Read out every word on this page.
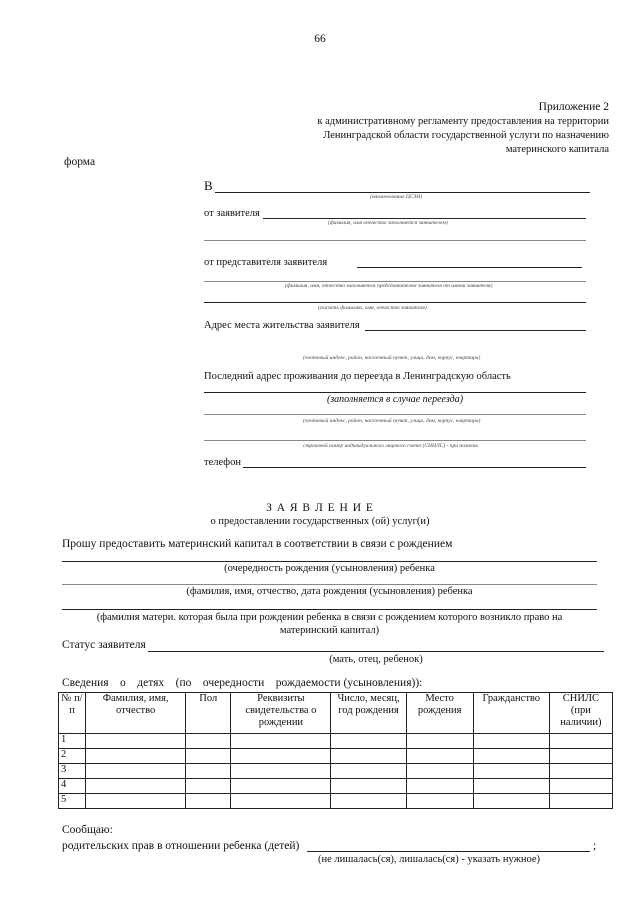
66
Приложение 2
к административному регламенту предоставления на территории
Ленинградской области государственной услуги по назначению
материнского капитала
форма
В
(наименование ЦСЗН)
от заявителя
(фамилия, имя отчество заполняется заявителем)
от представителя заявителя
(фамилия, имя, отчество заполняется представителем заявителя от имени заявителя)
(указать фамилию, имя, отчество заявителя)
Адрес места жительства заявителя
(почтовый индекс, район, населенный пункт, улица, дом, корпус, квартира)
Последний адрес проживания до переезда в Ленинградскую область
(заполняется в случае переезда)
(почтовый индекс, район, населенный пункт, улица, дом, корпус, квартира)
страховой номер индивидуального лицевого счета (СНИЛС) - при наличии
телефон
З А Я В Л Е Н И Е
о предоставлении государственных (ой) услуг(и)
Прошу предоставить материнский капитал в соответствии в связи с рождением
(очередность рождения (усыновления) ребенка
(фамилия, имя, отчество, дата рождения (усыновления) ребенка
(фамилия матери. которая была при рождении ребенка в связи с рождением которого возникло право на
материнский капитал)
Статус заявителя
(мать, отец, ребенок)
Сведения    о    детях    (по    очередности    рождаемости (усыновления)):
№ п/п	Фамилия, имя, отчество	Пол	Реквизиты свидетельства о рождении	Число, месяц, год рождения	Место рождения	Гражданство	СНИЛС (при наличии)
1							
2							
3							
4							
5							
Сообщаю:
родительских прав в отношении ребенка (детей)	;
(не лишалась(ся), лишалась(ся) - указать нужное)
